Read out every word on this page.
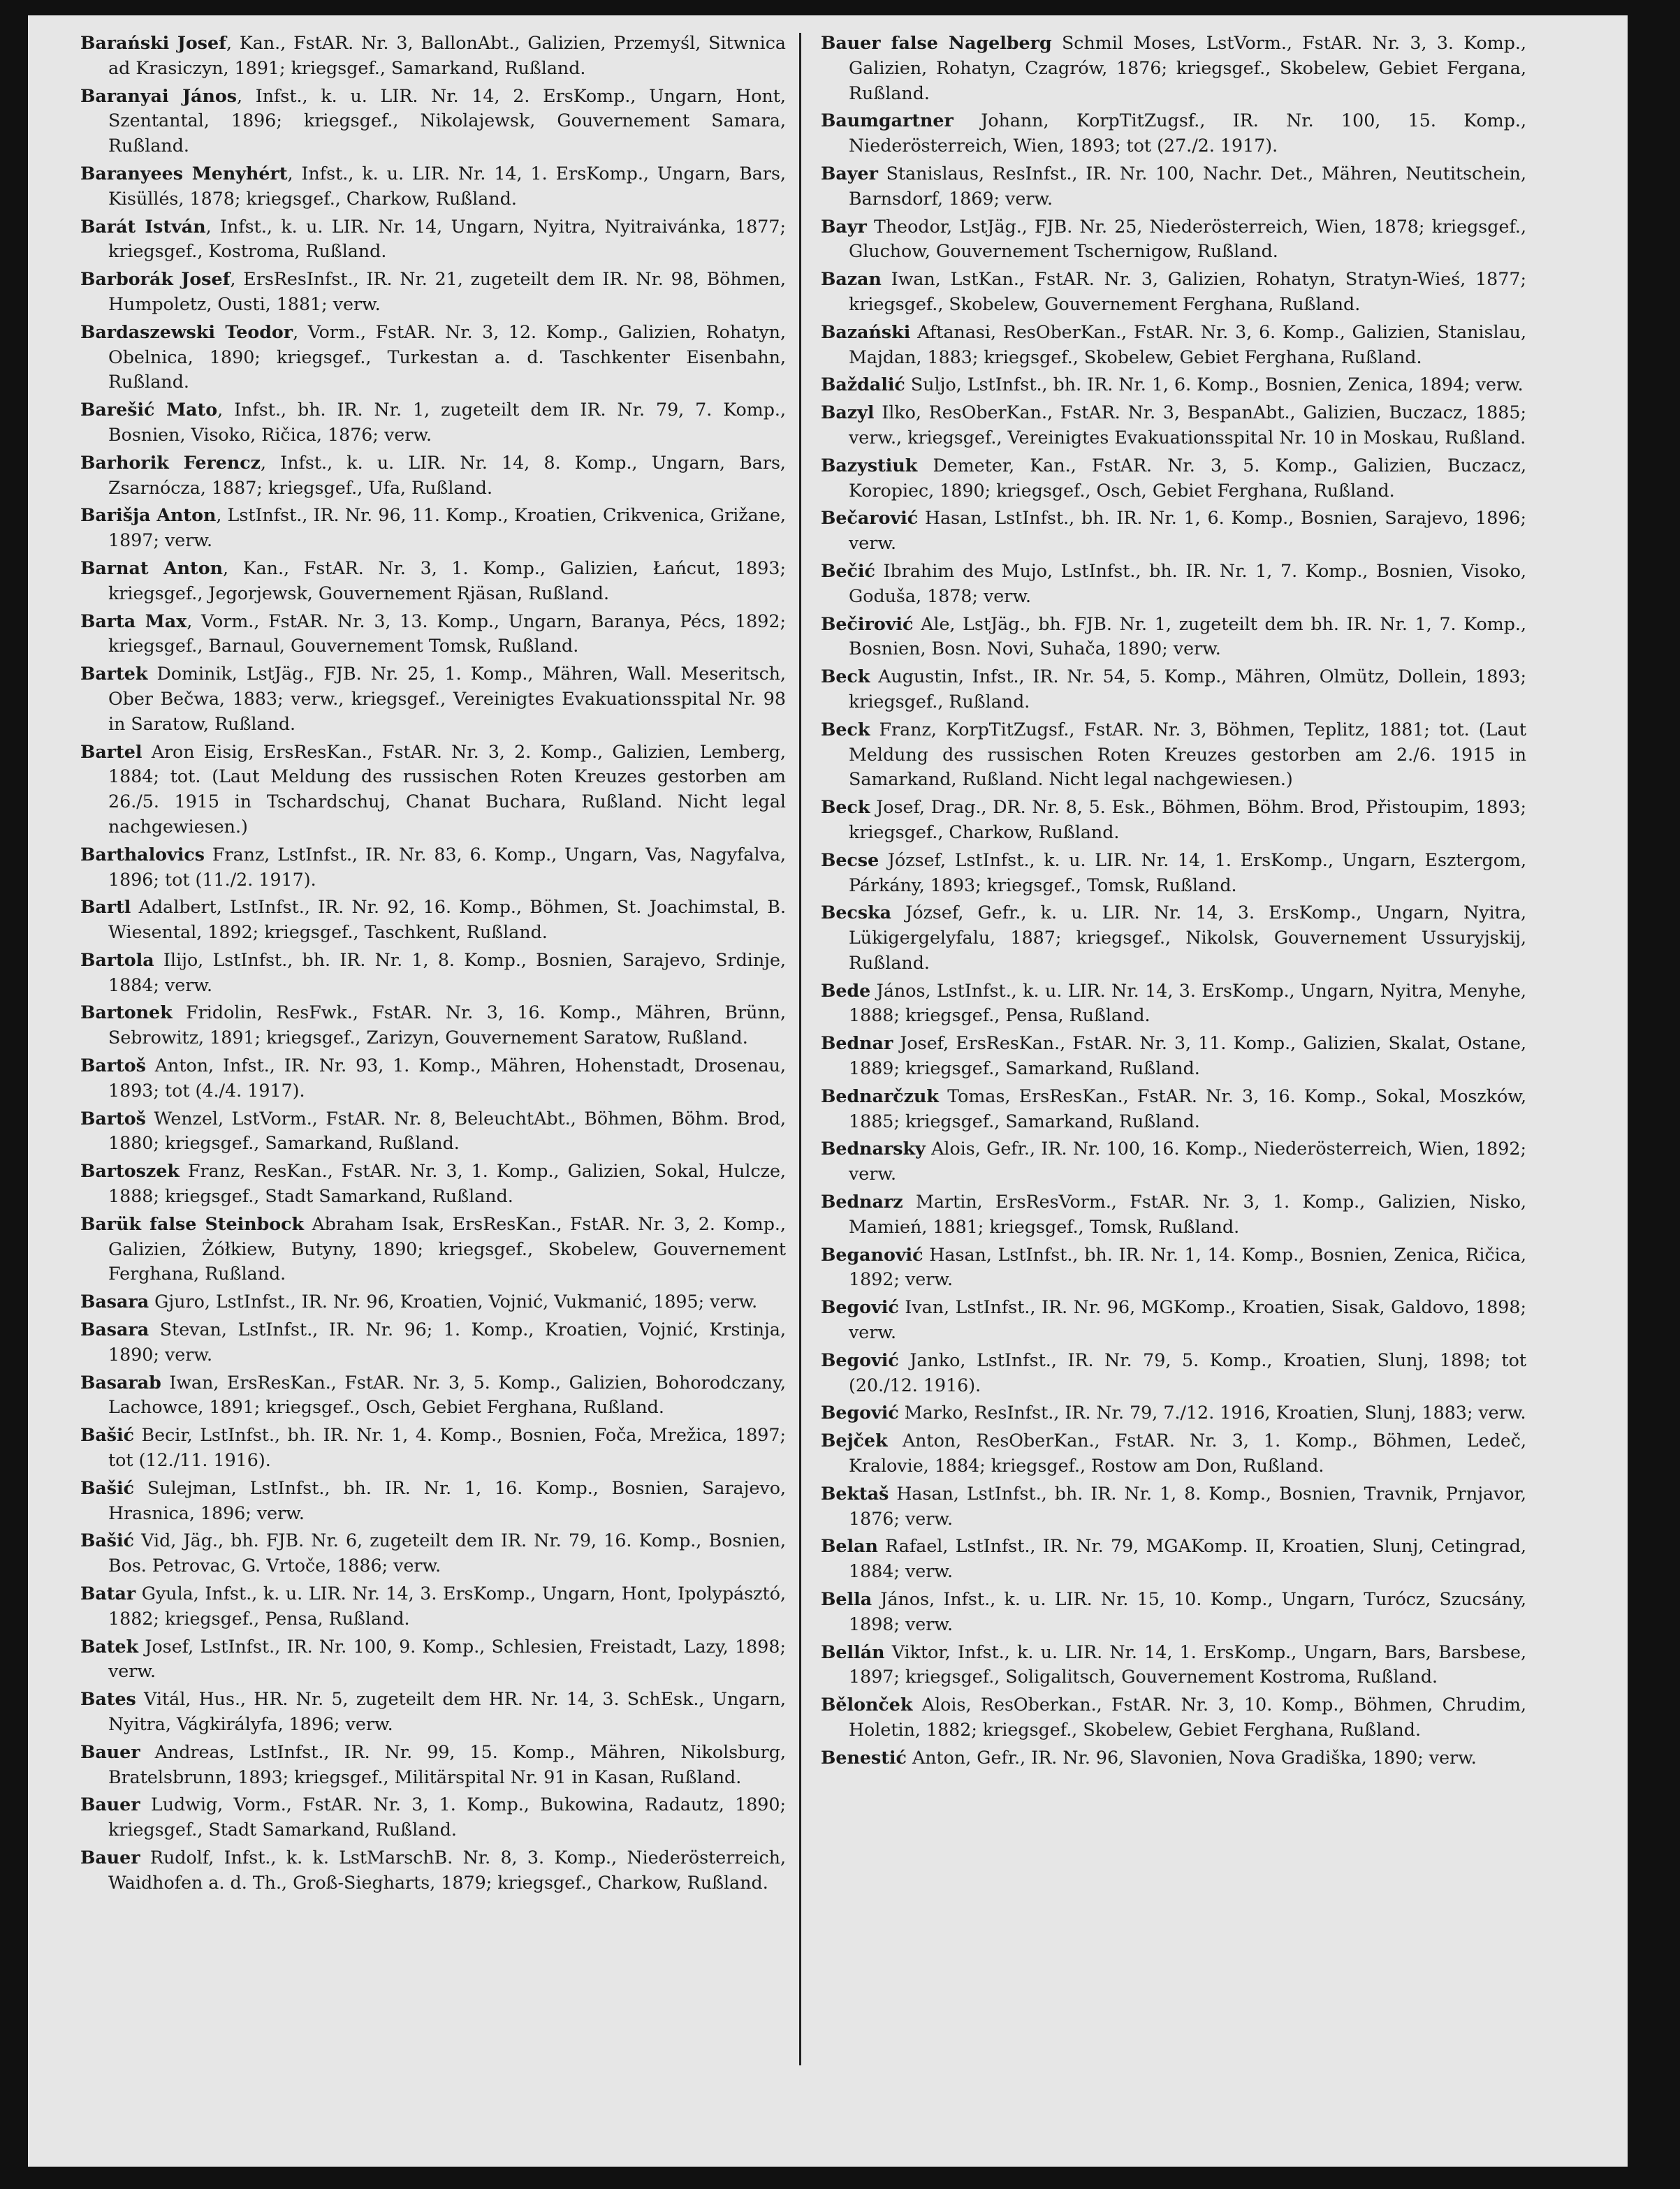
Barański Josef, Kan., FstAR. Nr. 3, BallonAbt., Galizien, Przemyśl, Sitwnica ad Krasiczyn, 1891; kriegsgef., Samarkand, Rußland.

Baranyai János, Infst., k. u. LIR. Nr. 14, 2. ErsKomp., Ungarn, Hont, Szentantal, 1896; kriegsgef., Nikolajewsk, Gouvernement Samara, Rußland.

Baranyees Menyhért, Infst., k. u. LIR. Nr. 14, 1. ErsKomp., Ungarn, Bars, Kisüllés, 1878; kriegsgef., Charkow, Rußland.

Barát István, Infst., k. u. LIR. Nr. 14, Ungarn, Nyitra, Nyitraivánka, 1877; kriegsgef., Kostroma, Rußland.

Barborák Josef, ErsResInfst., IR. Nr. 21, zugeteilt dem IR. Nr. 98, Böhmen, Humpoletz, Ousti, 1881; verw.

Bardaszewski Teodor, Vorm., FstAR. Nr. 3, 12. Komp., Galizien, Rohatyn, Obelnica, 1890; kriegsgef., Turkestan a. d. Taschkenter Eisenbahn, Rußland.

Barešić Mato, Infst., bh. IR. Nr. 1, zugeteilt dem IR. Nr. 79, 7. Komp., Bosnien, Visoko, Ričica, 1876; verw.

Barhorik Ferencz, Infst., k. u. LIR. Nr. 14, 8. Komp., Ungarn, Bars, Zsarnócza, 1887; kriegsgef., Ufa, Rußland.

Barišja Anton, LstInfst., IR. Nr. 96, 11. Komp., Kroatien, Crikvenica, Grižane, 1897; verw.

Barnat Anton, Kan., FstAR. Nr. 3, 1. Komp., Galizien, Łańcut, 1893; kriegsgef., Jegorjewsk, Gouvernement Rjäsan, Rußland.

Barta Max, Vorm., FstAR. Nr. 3, 13. Komp., Ungarn, Baranya, Pécs, 1892; kriegsgef., Barnaul, Gouvernement Tomsk, Rußland.

Bartek Dominik, LstJäg., FJB. Nr. 25, 1. Komp., Mähren, Wall. Meseritsch, Ober Bečwa, 1883; verw., kriegsgef., Vereinigtes Evakuationsspital Nr. 98 in Saratow, Rußland.

Bartel Aron Eisig, ErsResKan., FstAR. Nr. 3, 2. Komp., Galizien, Lemberg, 1884; tot. (Laut Meldung des russischen Roten Kreuzes gestorben am 26./5. 1915 in Tschardschuj, Chanat Buchara, Rußland. Nicht legal nachgewiesen.)

Barthalovics Franz, LstInfst., IR. Nr. 83, 6. Komp., Ungarn, Vas, Nagyfalva, 1896; tot (11./2. 1917).

Bartl Adalbert, LstInfst., IR. Nr. 92, 16. Komp., Böhmen, St. Joachimstal, B. Wiesental, 1892; kriegsgef., Taschkent, Rußland.

Bartola Ilijo, LstInfst., bh. IR. Nr. 1, 8. Komp., Bosnien, Sarajevo, Srdinje, 1884; verw.

Bartonek Fridolin, ResFwk., FstAR. Nr. 3, 16. Komp., Mähren, Brünn, Sebrowitz, 1891; kriegsgef., Zarizyn, Gouvernement Saratow, Rußland.

Bartoš Anton, Infst., IR. Nr. 93, 1. Komp., Mähren, Hohenstadt, Drosenau, 1893; tot (4./4. 1917).

Bartoš Wenzel, LstVorm., FstAR. Nr. 8, BeleuchtAbt., Böhmen, Böhm. Brod, 1880; kriegsgef., Samarkand, Rußland.

Bartoszek Franz, ResKan., FstAR. Nr. 3, 1. Komp., Galizien, Sokal, Hulcze, 1888; kriegsgef., Stadt Samarkand, Rußland.

Barük false Steinbock Abraham Isak, ErsResKan., FstAR. Nr. 3, 2. Komp., Galizien, Żółkiew, Butyny, 1890; kriegsgef., Skobelew, Gouvernement Ferghana, Rußland.

Basara Gjuro, LstInfst., IR. Nr. 96, Kroatien, Vojnić, Vukmanić, 1895; verw.

Basara Stevan, LstInfst., IR. Nr. 96; 1. Komp., Kroatien, Vojnić, Krstinja, 1890; verw.

Basarab Iwan, ErsResKan., FstAR. Nr. 3, 5. Komp., Galizien, Bohorodczany, Lachowce, 1891; kriegsgef., Osch, Gebiet Ferghana, Rußland.

Bašić Becir, LstInfst., bh. IR. Nr. 1, 4. Komp., Bosnien, Foča, Mrežica, 1897; tot (12./11. 1916).

Bašić Sulejman, LstInfst., bh. IR. Nr. 1, 16. Komp., Bosnien, Sarajevo, Hrasnica, 1896; verw.

Bašić Vid, Jäg., bh. FJB. Nr. 6, zugeteilt dem IR. Nr. 79, 16. Komp., Bosnien, Bos. Petrovac, G. Vrtoče, 1886; verw.

Batar Gyula, Infst., k. u. LIR. Nr. 14, 3. ErsKomp., Ungarn, Hont, Ipolypásztó, 1882; kriegsgef., Pensa, Rußland.

Batek Josef, LstInfst., IR. Nr. 100, 9. Komp., Schlesien, Freistadt, Lazy, 1898; verw.

Bates Vitál, Hus., HR. Nr. 5, zugeteilt dem HR. Nr. 14, 3. SchEsk., Ungarn, Nyitra, Vágkirályfa, 1896; verw.

Bauer Andreas, LstInfst., IR. Nr. 99, 15. Komp., Mähren, Nikolsburg, Bratelsbrunn, 1893; kriegsgef., Militärspital Nr. 91 in Kasan, Rußland.

Bauer Ludwig, Vorm., FstAR. Nr. 3, 1. Komp., Bukowina, Radautz, 1890; kriegsgef., Stadt Samarkand, Rußland.

Bauer Rudolf, Infst., k. k. LstMarschB. Nr. 8, 3. Komp., Niederösterreich, Waidhofen a. d. Th., Groß-Siegharts, 1879; kriegsgef., Charkow, Rußland.

Bauer false Nagelberg Schmil Moses, LstVorm., FstAR. Nr. 3, 3. Komp., Galizien, Rohatyn, Czagrów, 1876; kriegsgef., Skobelew, Gebiet Fergana, Rußland.

Baumgartner Johann, KorpTitZugsf., IR. Nr. 100, 15. Komp., Niederösterreich, Wien, 1893; tot (27./2. 1917).

Bayer Stanislaus, ResInfst., IR. Nr. 100, Nachr. Det., Mähren, Neutitschein, Barnsdorf, 1869; verw.

Bayr Theodor, LstJäg., FJB. Nr. 25, Niederösterreich, Wien, 1878; kriegsgef., Gluchow, Gouvernement Tschernigow, Rußland.

Bazan Iwan, LstKan., FstAR. Nr. 3, Galizien, Rohatyn, Stratyn-Wieś, 1877; kriegsgef., Skobelew, Gouvernement Ferghana, Rußland.

Bazański Aftanasi, ResOberKan., FstAR. Nr. 3, 6. Komp., Galizien, Stanislau, Majdan, 1883; kriegsgef., Skobelew, Gebiet Ferghana, Rußland.

Baždalić Suljo, LstInfst., bh. IR. Nr. 1, 6. Komp., Bosnien, Zenica, 1894; verw.

Bazyl Ilko, ResOberKan., FstAR. Nr. 3, BespanAbt., Galizien, Buczacz, 1885; verw., kriegsgef., Vereinigtes Evakuationsspital Nr. 10 in Moskau, Rußland.

Bazystiuk Demeter, Kan., FstAR. Nr. 3, 5. Komp., Galizien, Buczacz, Koropiec, 1890; kriegsgef., Osch, Gebiet Ferghana, Rußland.

Bečarović Hasan, LstInfst., bh. IR. Nr. 1, 6. Komp., Bosnien, Sarajevo, 1896; verw.

Bečić Ibrahim des Mujo, LstInfst., bh. IR. Nr. 1, 7. Komp., Bosnien, Visoko, Goduša, 1878; verw.

Bečirović Ale, LstJäg., bh. FJB. Nr. 1, zugeteilt dem bh. IR. Nr. 1, 7. Komp., Bosnien, Bosn. Novi, Suhača, 1890; verw.

Beck Augustin, Infst., IR. Nr. 54, 5. Komp., Mähren, Olmütz, Dollein, 1893; kriegsgef., Rußland.

Beck Franz, KorpTitZugsf., FstAR. Nr. 3, Böhmen, Teplitz, 1881; tot. (Laut Meldung des russischen Roten Kreuzes gestorben am 2./6. 1915 in Samarkand, Rußland. Nicht legal nachgewiesen.)

Beck Josef, Drag., DR. Nr. 8, 5. Esk., Böhmen, Böhm. Brod, Přistoupim, 1893; kriegsgef., Charkow, Rußland.

Becse József, LstInfst., k. u. LIR. Nr. 14, 1. ErsKomp., Ungarn, Esztergom, Párkány, 1893; kriegsgef., Tomsk, Rußland.

Becska József, Gefr., k. u. LIR. Nr. 14, 3. ErsKomp., Ungarn, Nyitra, Lükigergelyfalu, 1887; kriegsgef., Nikolsk, Gouvernement Ussuryjskij, Rußland.

Bede János, LstInfst., k. u. LIR. Nr. 14, 3. ErsKomp., Ungarn, Nyitra, Menyhe, 1888; kriegsgef., Pensa, Rußland.

Bednar Josef, ErsResKan., FstAR. Nr. 3, 11. Komp., Galizien, Skalat, Ostane, 1889; kriegsgef., Samarkand, Rußland.

Bednarčzuk Tomas, ErsResKan., FstAR. Nr. 3, 16. Komp., Sokal, Moszków, 1885; kriegsgef., Samarkand, Rußland.

Bednarsky Alois, Gefr., IR. Nr. 100, 16. Komp., Niederösterreich, Wien, 1892; verw.

Bednarz Martin, ErsResVorm., FstAR. Nr. 3, 1. Komp., Galizien, Nisko, Mamień, 1881; kriegsgef., Tomsk, Rußland.

Beganović Hasan, LstInfst., bh. IR. Nr. 1, 14. Komp., Bosnien, Zenica, Ričica, 1892; verw.

Begović Ivan, LstInfst., IR. Nr. 96, MGKomp., Kroatien, Sisak, Galdovo, 1898; verw.

Begović Janko, LstInfst., IR. Nr. 79, 5. Komp., Kroatien, Slunj, 1898; tot (20./12. 1916).

Begović Marko, ResInfst., IR. Nr. 79, 7./12. 1916, Kroatien, Slunj, 1883; verw.

Bejček Anton, ResOberKan., FstAR. Nr. 3, 1. Komp., Böhmen, Ledeč, Kralovie, 1884; kriegsgef., Rostow am Don, Rußland.

Bektaš Hasan, LstInfst., bh. IR. Nr. 1, 8. Komp., Bosnien, Travnik, Prnjavor, 1876; verw.

Belan Rafael, LstInfst., IR. Nr. 79, MGAKomp. II, Kroatien, Slunj, Cetingrad, 1884; verw.

Bella János, Infst., k. u. LIR. Nr. 15, 10. Komp., Ungarn, Turócz, Szucsány, 1898; verw.

Bellán Viktor, Infst., k. u. LIR. Nr. 14, 1. ErsKomp., Ungarn, Bars, Barsbese, 1897; kriegsgef., Soligalitsch, Gouvernement Kostroma, Rußland.

Bělonček Alois, ResOberkan., FstAR. Nr. 3, 10. Komp., Böhmen, Chrudim, Holetin, 1882; kriegsgef., Skobelew, Gebiet Ferghana, Rußland.

Benestić Anton, Gefr., IR. Nr. 96, Slavonien, Nova Gradiška, 1890; verw.
